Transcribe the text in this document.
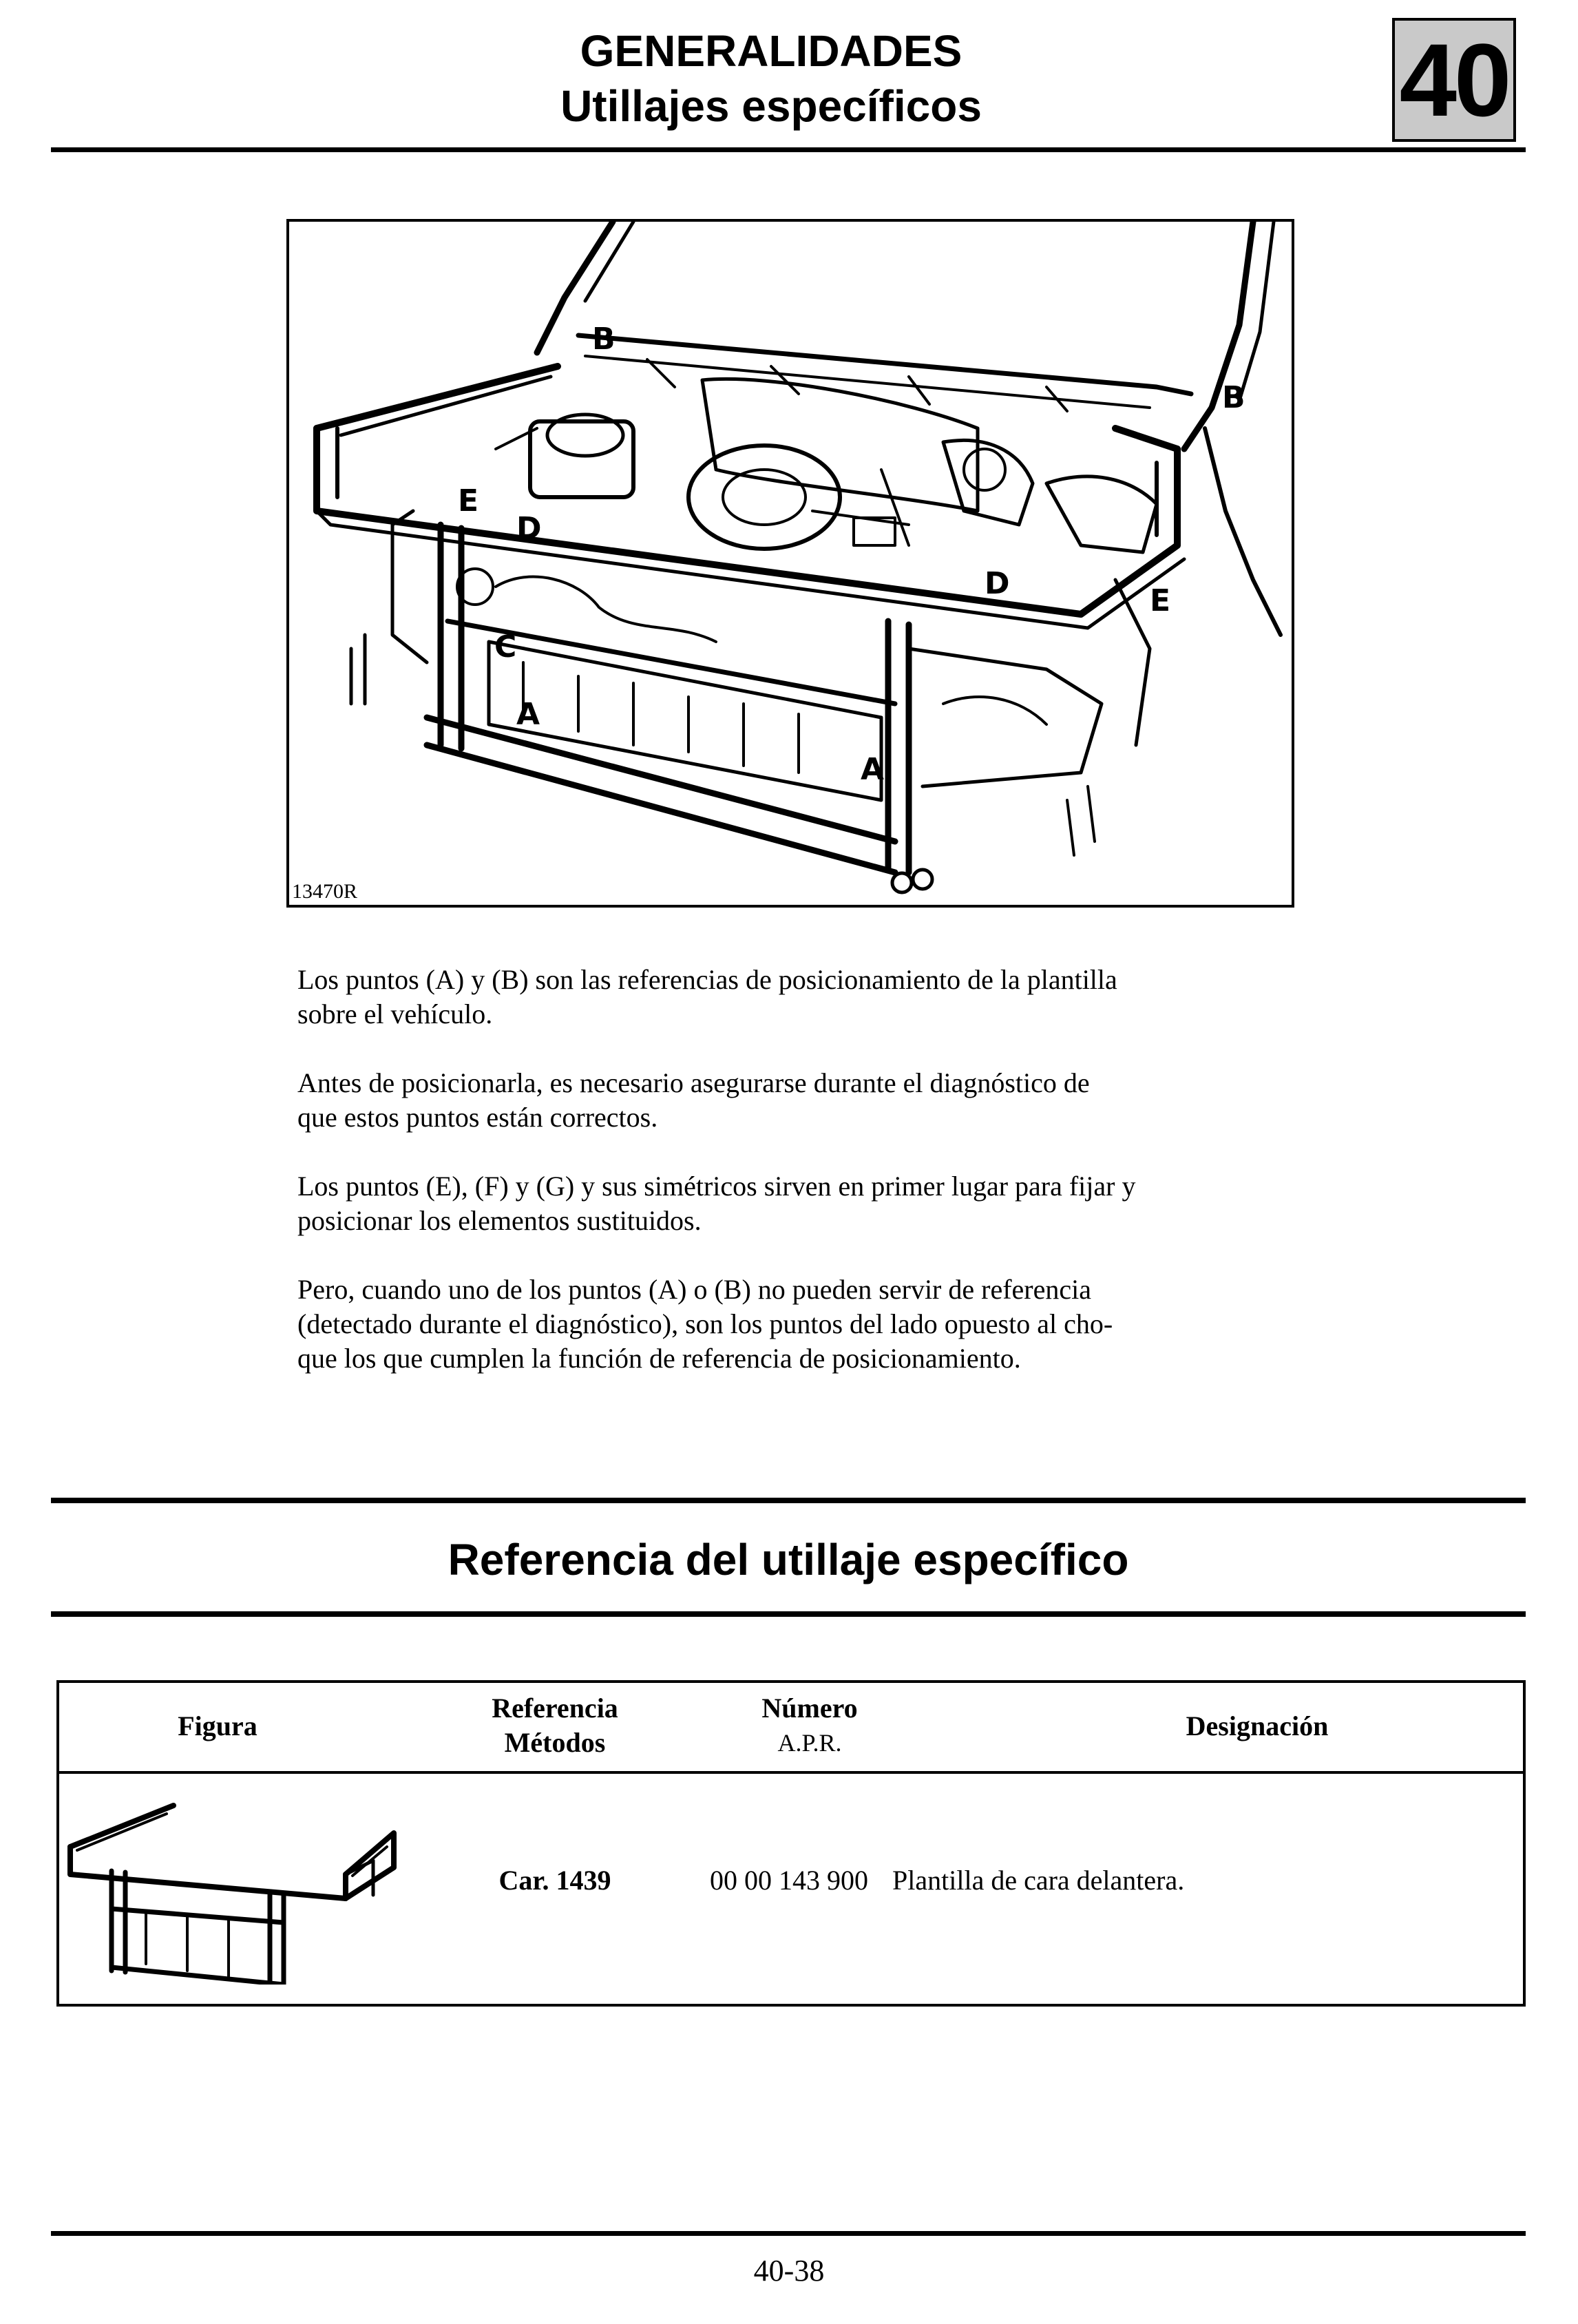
GENERALIDADES
Utillajes específicos	40
A
A
B
B
C
D
D
E
E
13470R
Los puntos (A) y (B) son las referencias de posicionamiento de la plantilla
sobre el vehículo.
Antes de posicionarla, es necesario asegurarse durante el diagnóstico de
que estos puntos están correctos.
Los puntos (E), (F) y (G) y sus simétricos sirven en primer lugar para fijar y
posicionar los elementos sustituidos.
Pero, cuando uno de los puntos (A) o (B) no pueden servir de referencia
(detectado durante el diagnóstico), son los puntos del lado opuesto al cho-
que los que cumplen la función de referencia de posicionamiento.
Referencia del utillaje específico
Figura
Referencia
Métodos
Número
A.P.R.
Designación
Car. 1439	00 00 143 900 Plantilla de cara delantera.
40-38
